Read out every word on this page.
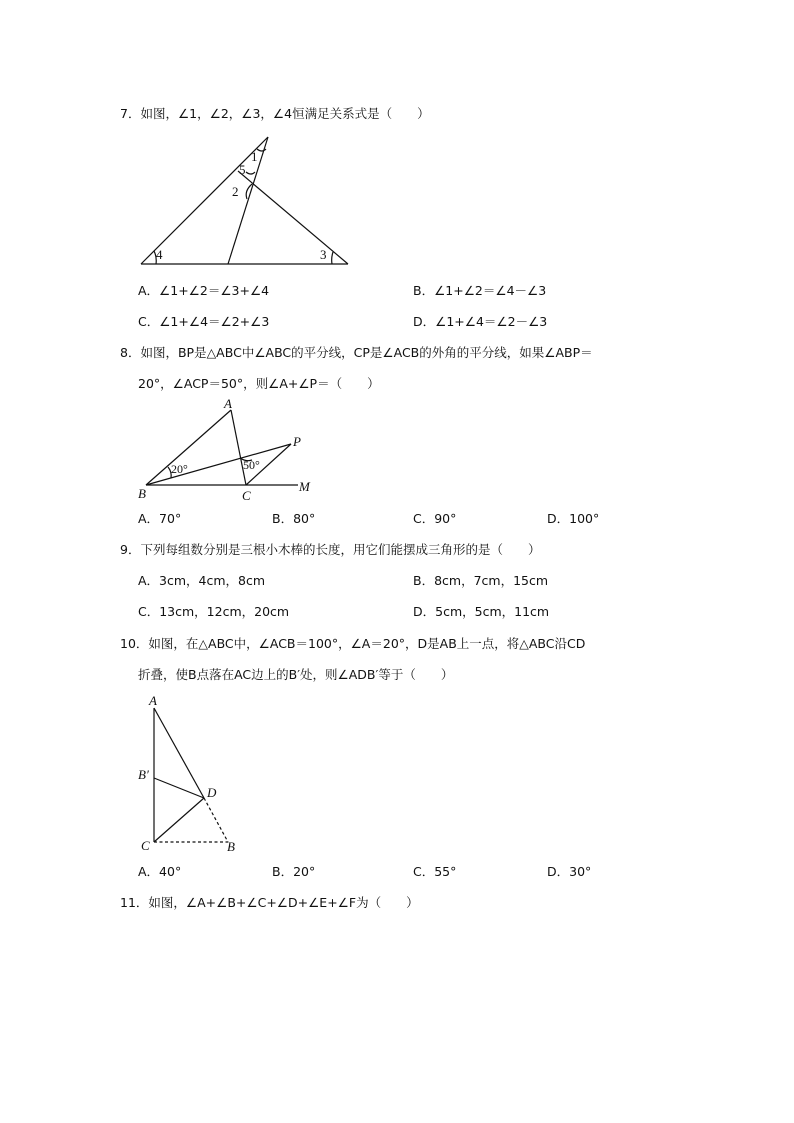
7．如图，∠1，∠2，∠3，∠4恒满足关系式是（　　）
1
5
2
4	3
A．∠1+∠2＝∠3+∠4	B．∠1+∠2＝∠4－∠3
C．∠1+∠4＝∠2+∠3	D．∠1+∠4＝∠2－∠3
8．如图，BP是△ABC中∠ABC的平分线，CP是∠ACB的外角的平分线，如果∠ABP＝
20°，∠ACP＝50°，则∠A+∠P＝（　　）
A
P
20°	50°
B	C
M
A．70°	B．80°	C．90°	D．100°
9．下列每组数分别是三根小木棒的长度，用它们能摆成三角形的是（　　）
A．3cm，4cm，8cm	B．8cm，7cm，15cm
C．13cm，12cm，20cm	D．5cm，5cm，11cm
10．如图，在△ABC中，∠ACB＝100°，∠A＝20°，D是AB上一点，将△ABC沿CD
折叠，使B点落在AC边上的B′处，则∠ADB′等于（　　）
A
B′
D
C	B
A．40°	B．20°	C．55°	D．30°
11．如图，∠A+∠B+∠C+∠D+∠E+∠F为（　　）
